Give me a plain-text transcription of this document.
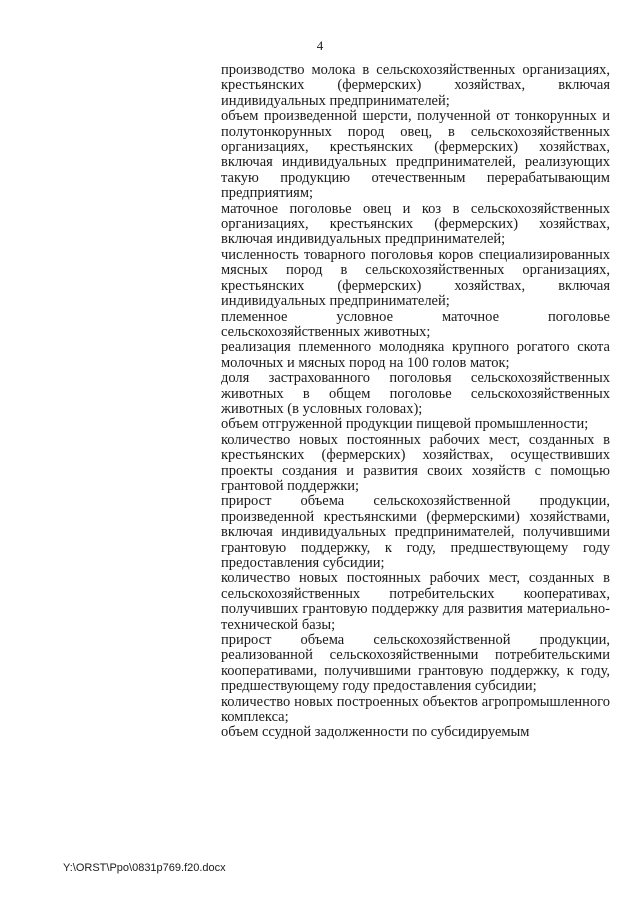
4

производство молока в сельскохозяйственных организациях, крестьянских (фермерских) хозяйствах, включая индивидуальных предпринимателей;

объем произведенной шерсти, полученной от тонкорунных и полутонкорунных пород овец, в сельскохозяйственных организациях, крестьянских (фермерских) хозяйствах, включая индивидуальных предпринимателей, реализующих такую продукцию отечественным перерабатывающим предприятиям;

маточное поголовье овец и коз в сельскохозяйственных организациях, крестьянских (фермерских) хозяйствах, включая индивидуальных предпринимателей;

численность товарного поголовья коров специализированных мясных пород в сельскохозяйственных организациях, крестьянских (фермерских) хозяйствах, включая индивидуальных предпринимателей;

племенное условное маточное поголовье сельскохозяйственных животных;

реализация племенного молодняка крупного рогатого скота молочных и мясных пород на 100 голов маток;

доля застрахованного поголовья сельскохозяйственных животных в общем поголовье сельскохозяйственных животных (в условных головах);

объем отгруженной продукции пищевой промышленности;

количество новых постоянных рабочих мест, созданных в крестьянских (фермерских) хозяйствах, осуществивших проекты создания и развития своих хозяйств с помощью грантовой поддержки;

прирост объема сельскохозяйственной продукции, произведенной крестьянскими (фермерскими) хозяйствами, включая индивидуальных предпринимателей, получившими грантовую поддержку, к году, предшествующему году предоставления субсидии;

количество новых постоянных рабочих мест, созданных в сельскохозяйственных потребительских кооперативах, получивших грантовую поддержку для развития материально-технической базы;

прирост объема сельскохозяйственной продукции, реализованной сельскохозяйственными потребительскими кооперативами, получившими грантовую поддержку, к году, предшествующему году предоставления субсидии;

количество новых построенных объектов агропромышленного комплекса;

объем ссудной задолженности по субсидируемым

Y:\ORST\Ppo\0831p769.f20.docx
